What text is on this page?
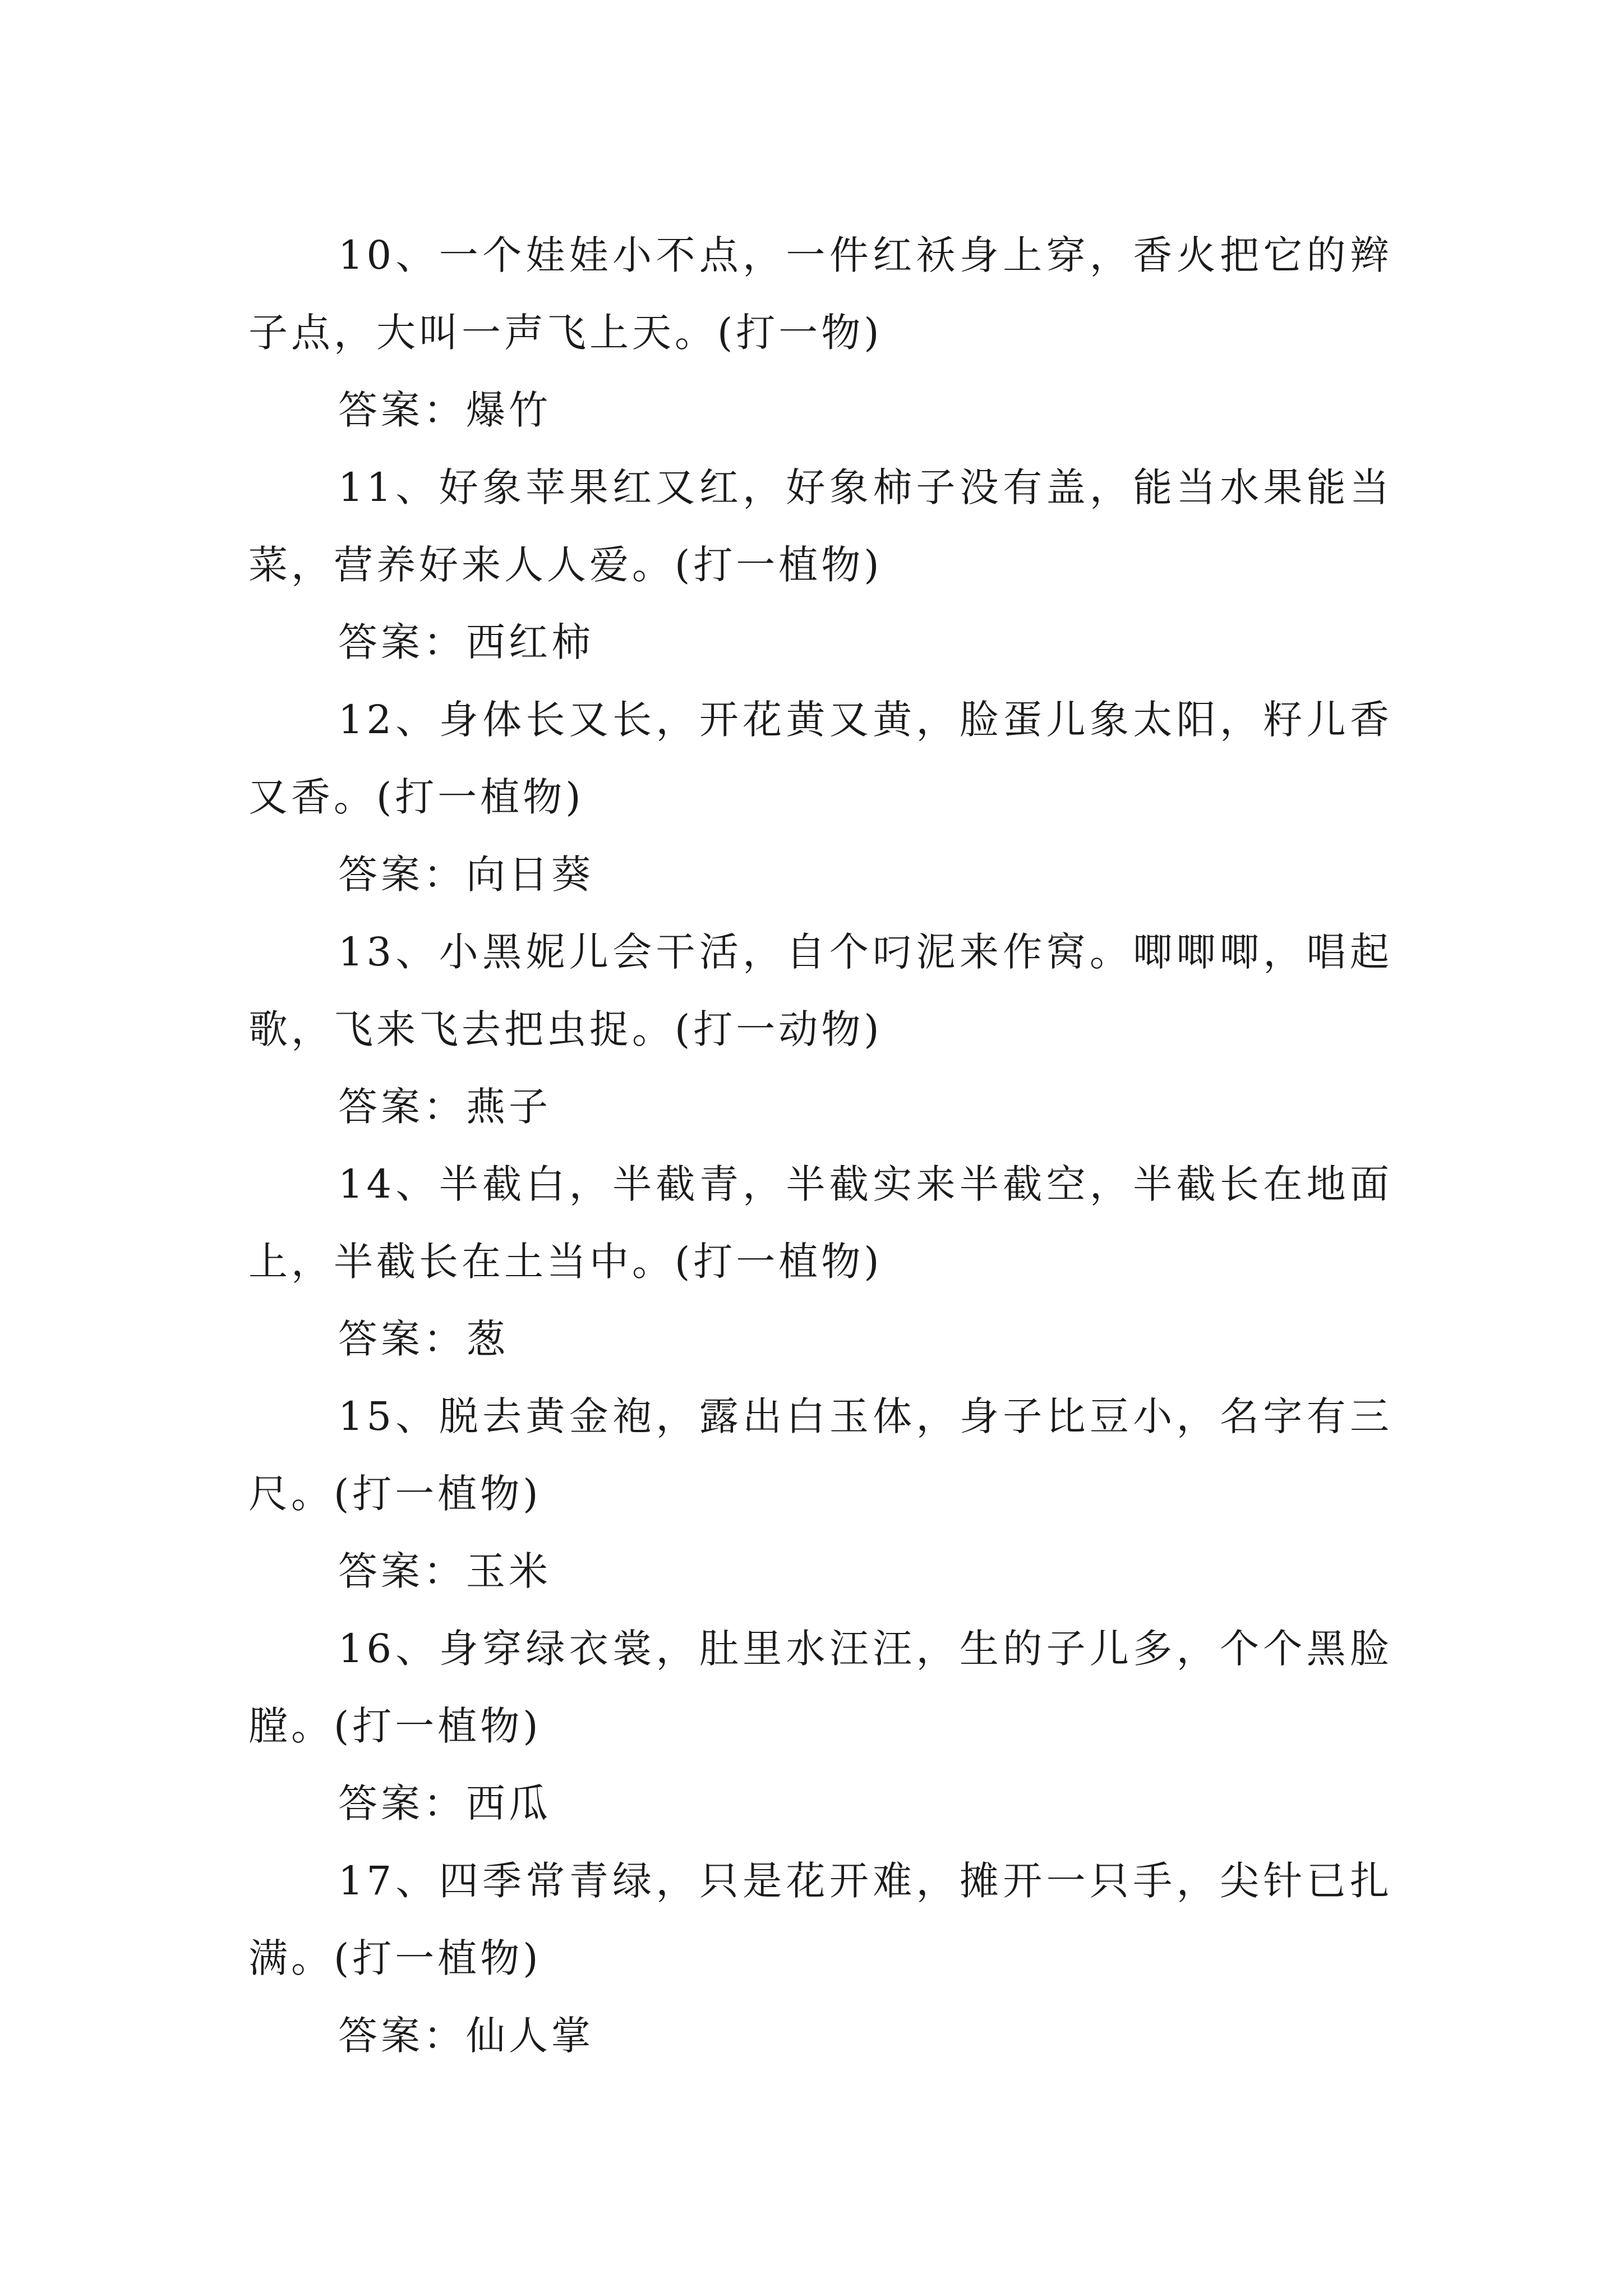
10、一个娃娃小不点，一件红袄身上穿，香火把它的辫子点，大叫一声飞上天。(打一物)

答案：爆竹

11、好象苹果红又红，好象柿子没有盖，能当水果能当菜，营养好来人人爱。(打一植物)

答案：西红柿

12、身体长又长，开花黄又黄，脸蛋儿象太阳，籽儿香又香。(打一植物)

答案：向日葵

13、小黑妮儿会干活，自个叼泥来作窝。唧唧唧，唱起歌，飞来飞去把虫捉。(打一动物)

答案：燕子

14、半截白，半截青，半截实来半截空，半截长在地面上，半截长在土当中。(打一植物)

答案：葱

15、脱去黄金袍，露出白玉体，身子比豆小，名字有三尺。(打一植物)

答案：玉米

16、身穿绿衣裳，肚里水汪汪，生的子儿多，个个黑脸膛。(打一植物)

答案：西瓜

17、四季常青绿，只是花开难，摊开一只手，尖针已扎满。(打一植物)

答案：仙人掌
